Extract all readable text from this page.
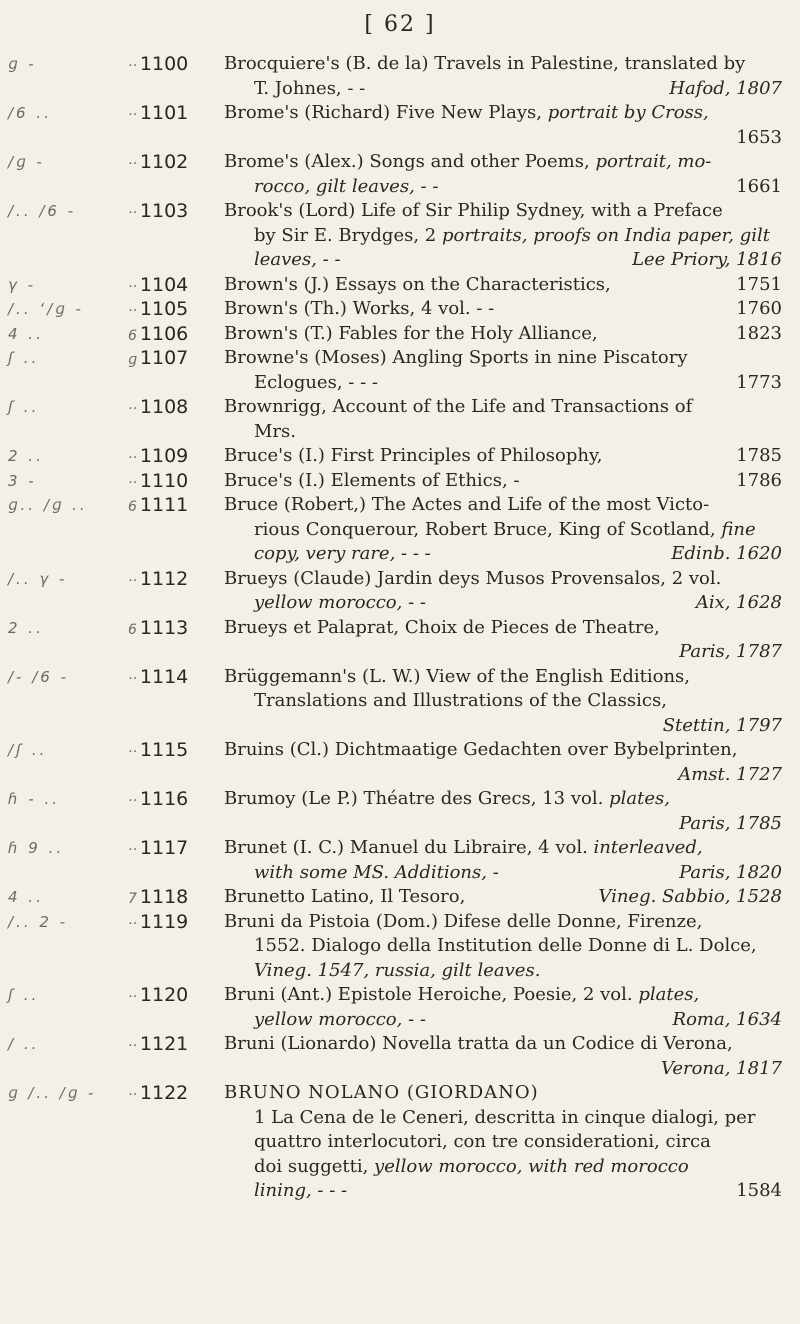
[ 62 ]
ɡ -	·· 1100	Brocquiere's (B. de la) Travels in Palestine, translated by
T. Johnes, - -	Hafod, 1807
/6 ..	·· 1101	Brome's (Richard) Five New Plays, portrait by Cross,
1653
/ɡ -	·· 1102	Brome's (Alex.) Songs and other Poems, portrait, mo-
rocco, gilt leaves, - -	1661
/.. /6 -	·· 1103	Brook's (Lord) Life of Sir Philip Sydney, with a Preface
by Sir E. Brydges, 2 portraits, proofs on India paper, gilt
leaves, - -	Lee Priory, 1816
γ -	·· 1104	Brown's (J.) Essays on the Characteristics,	1751
/.. ʻ/ɡ -	·· 1105	Brown's (Th.) Works, 4 vol. - -	1760
4 ..	6 1106	Brown's (T.) Fables for the Holy Alliance,	1823
ʃ ..	ɡ 1107	Browne's (Moses) Angling Sports in nine Piscatory
Eclogues, - - -	1773
ʃ ..	·· 1108	Brownrigg, Account of the Life and Transactions of
Mrs.
2 ..	·· 1109	Bruce's (I.) First Principles of Philosophy,	1785
3 -	·· 1110	Bruce's (I.) Elements of Ethics, -	1786
ɡ.. /ɡ ..	6 1111	Bruce (Robert,) The Actes and Life of the most Victo-
rious Conquerour, Robert Bruce, King of Scotland, fine
copy, very rare, - - -	Edinb. 1620
/.. γ -	·· 1112	Brueys (Claude) Jardin deys Musos Provensalos, 2 vol.
yellow morocco, - -	Aix, 1628
2 ..	6 1113	Brueys et Palaprat, Choix de Pieces de Theatre,
Paris, 1787
/- /6 -	·· 1114	Brüggemann's (L. W.) View of the English Editions,
Translations and Illustrations of the Classics,
Stettin, 1797
/ʃ ..	·· 1115	Bruins (Cl.) Dichtmaatige Gedachten over Bybelprinten,
Amst. 1727
ɦ - ..	·· 1116	Brumoy (Le P.) Théatre des Grecs, 13 vol. plates,
Paris, 1785
ɦ 9 ..	·· 1117	Brunet (I. C.) Manuel du Libraire, 4 vol. interleaved,
with some MS. Additions, -	Paris, 1820
4 ..	7 1118	Brunetto Latino, Il Tesoro,	Vineg. Sabbio, 1528
/.. 2 -	·· 1119	Bruni da Pistoia (Dom.) Difese delle Donne, Firenze,
1552. Dialogo della Institution delle Donne di L. Dolce,
Vineg. 1547, russia, gilt leaves.
ʃ ..	·· 1120	Bruni (Ant.) Epistole Heroiche, Poesie, 2 vol. plates,
yellow morocco, - -	Roma, 1634
/ ..	·· 1121	Bruni (Lionardo) Novella tratta da un Codice di Verona,
Verona, 1817
ɡ /.. /ɡ -	·· 1122	BRUNO NOLANO (GIORDANO)
1 La Cena de le Ceneri, descritta in cinque dialogi, per
quattro interlocutori, con tre considerationi, circa
doi suggetti, yellow morocco, with red morocco
lining, - - -	1584
